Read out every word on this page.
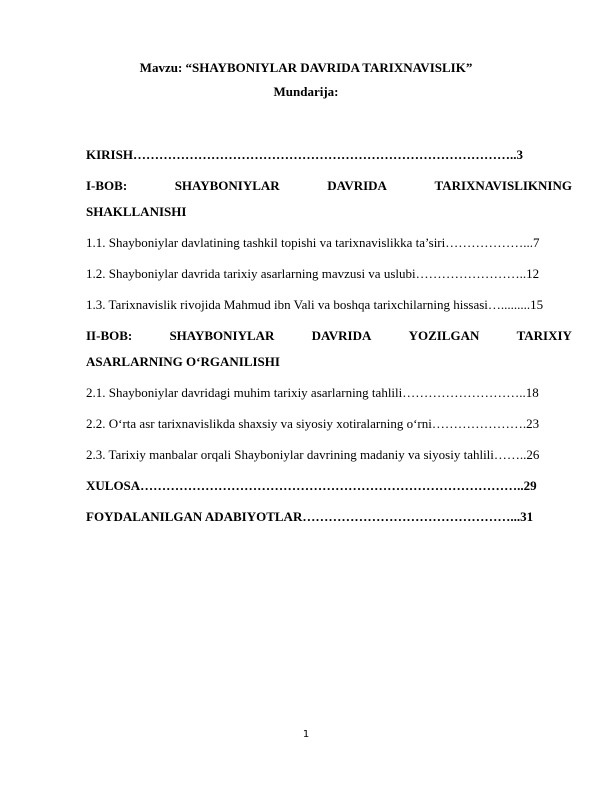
Mavzu: “SHAYBONIYLAR DAVRIDA TARIXNAVISLIK”
Mundarija:
KIRISH……………………………………………………………………………..3
I-BOB:	SHAYBONIYLAR	DAVRIDA	TARIXNAVISLIKNING
SHAKLLANISHI
1.1. Shayboniylar davlatining tashkil topishi va tarixnavislikka ta’siri………………...7
1.2. Shayboniylar davrida tarixiy asarlarning mavzusi va uslubi……………………..12
1.3. Tarixnavislik rivojida Mahmud ibn Vali va boshqa tarixchilarning hissasi….........15
II-BOB:	SHAYBONIYLAR	DAVRIDA	YOZILGAN	TARIXIY
ASARLARNING O‘RGANILISHI
2.1. Shayboniylar davridagi muhim tarixiy asarlarning tahlili………………………..18
2.2. O‘rta asr tarixnavislikda shaxsiy va siyosiy xotiralarning o‘rni………………….23
2.3. Tarixiy manbalar orqali Shayboniylar davrining madaniy va siyosiy tahlili……..26
XULOSA……………………………………………………………………………..29
FOYDALANILGAN ADABIYOTLAR…………………………………………...31
1
